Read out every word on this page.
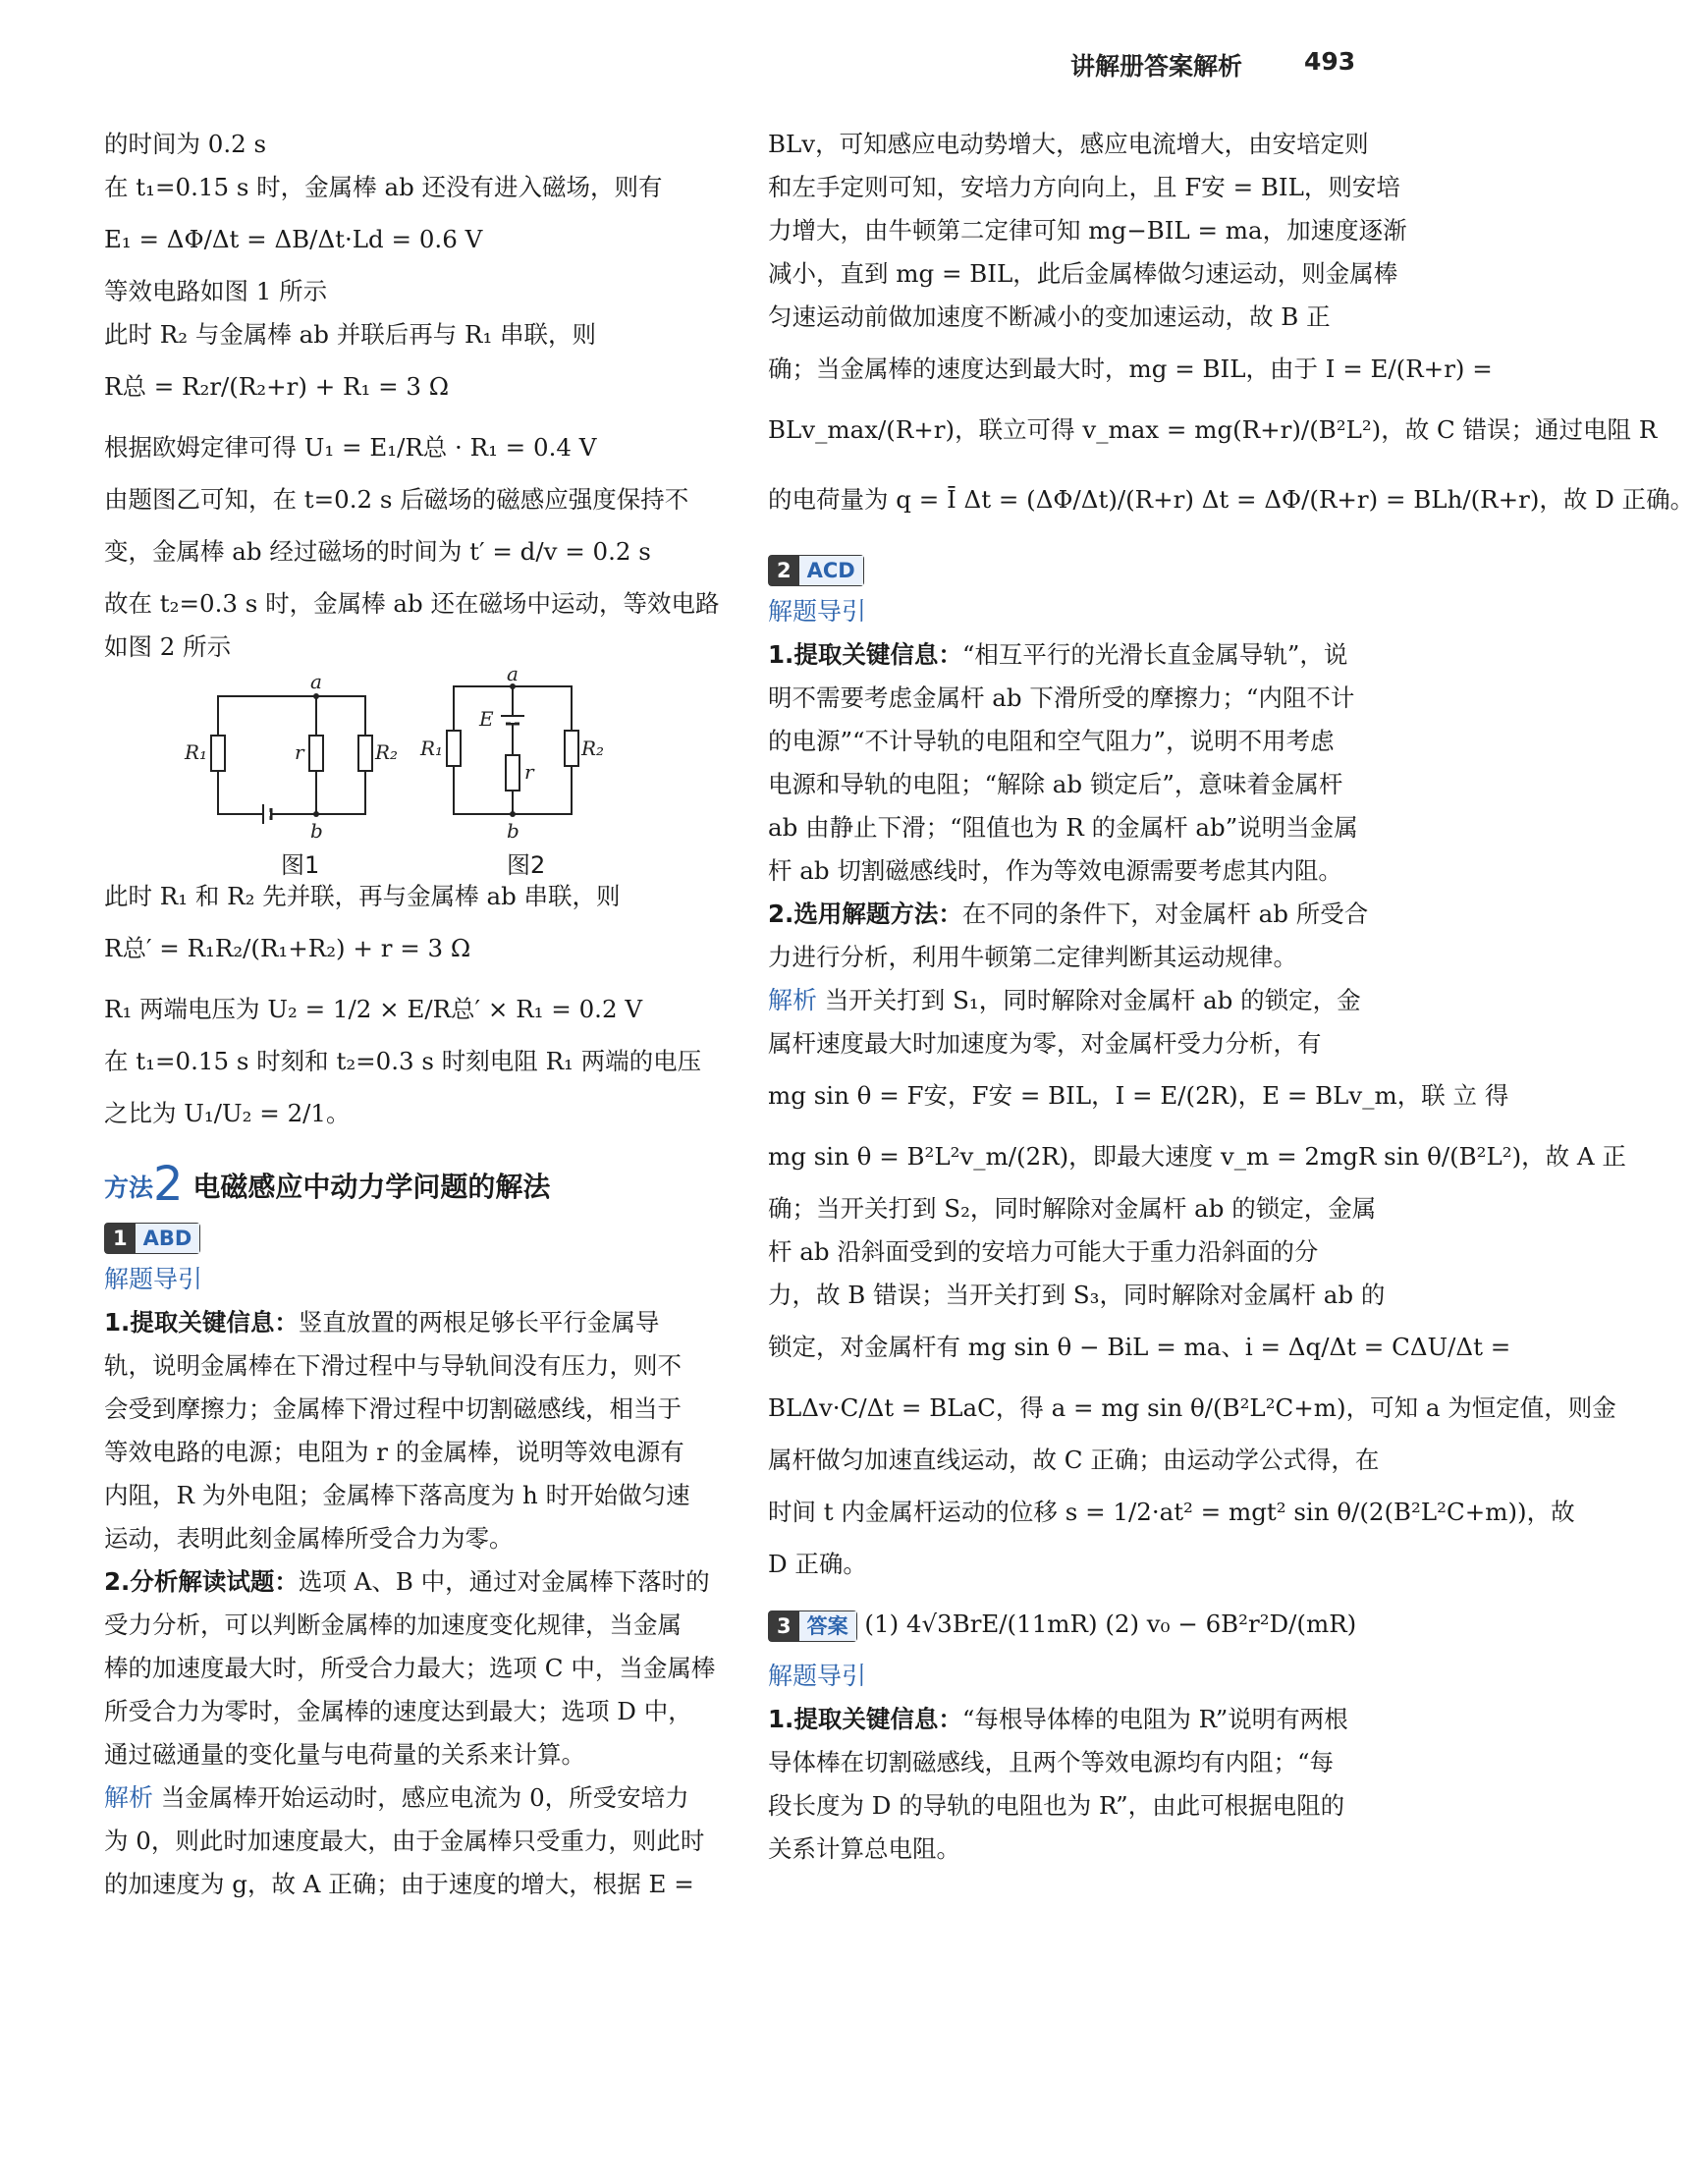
讲解册答案解析	493
的时间为 0.2 s
在 t₁=0.15 s 时，金属棒 ab 还没有进入磁场，则有
E₁ = ΔΦ/Δt = ΔB/Δt·Ld = 0.6 V
等效电路如图 1 所示
此时 R₂ 与金属棒 ab 并联后再与 R₁ 串联，则
R总 = R₂r/(R₂+r) + R₁ = 3 Ω
根据欧姆定律可得 U₁ = E₁/R总 · R₁ = 0.4 V
由题图乙可知，在 t=0.2 s 后磁场的磁感应强度保持不
变，金属棒 ab 经过磁场的时间为 t′ = d/v = 0.2 s
故在 t₂=0.3 s 时，金属棒 ab 还在磁场中运动，等效电路
如图 2 所示
a
b
R₁	r	R₂
a
b
E
R₁
r
R₂
图1	图2
此时 R₁ 和 R₂ 先并联，再与金属棒 ab 串联，则
R总′ = R₁R₂/(R₁+R₂) + r = 3 Ω
R₁ 两端电压为 U₂ = 1/2 × E/R总′ × R₁ = 0.2 V
在 t₁=0.15 s 时刻和 t₂=0.3 s 时刻电阻 R₁ 两端的电压
之比为 U₁/U₂ = 2/1。
方法2 电磁感应中动力学问题的解法
1 ABD
解题导引
1.提取关键信息：竖直放置的两根足够长平行金属导
轨，说明金属棒在下滑过程中与导轨间没有压力，则不
会受到摩擦力；金属棒下滑过程中切割磁感线，相当于
等效电路的电源；电阻为 r 的金属棒，说明等效电源有
内阻，R 为外电阻；金属棒下落高度为 h 时开始做匀速
运动，表明此刻金属棒所受合力为零。
2.分析解读试题：选项 A、B 中，通过对金属棒下落时的
受力分析，可以判断金属棒的加速度变化规律，当金属
棒的加速度最大时，所受合力最大；选项 C 中，当金属棒
所受合力为零时，金属棒的速度达到最大；选项 D 中，
通过磁通量的变化量与电荷量的关系来计算。
解析 当金属棒开始运动时，感应电流为 0，所受安培力
为 0，则此时加速度最大，由于金属棒只受重力，则此时
的加速度为 g，故 A 正确；由于速度的增大，根据 E =
BLv，可知感应电动势增大，感应电流增大，由安培定则
和左手定则可知，安培力方向向上，且 F安 = BIL，则安培
力增大，由牛顿第二定律可知 mg−BIL = ma，加速度逐渐
减小，直到 mg = BIL，此后金属棒做匀速运动，则金属棒
匀速运动前做加速度不断减小的变加速运动，故 B 正
确；当金属棒的速度达到最大时，mg = BIL，由于 I = E/(R+r) =
BLv_max/(R+r)，联立可得 v_max = mg(R+r)/(B²L²)，故 C 错误；通过电阻 R
的电荷量为 q = Ī Δt = (ΔΦ/Δt)/(R+r) Δt = ΔΦ/(R+r) = BLh/(R+r)，故 D 正确。
2 ACD
解题导引
1.提取关键信息：“相互平行的光滑长直金属导轨”，说
明不需要考虑金属杆 ab 下滑所受的摩擦力；“内阻不计
的电源”“不计导轨的电阻和空气阻力”，说明不用考虑
电源和导轨的电阻；“解除 ab 锁定后”，意味着金属杆
ab 由静止下滑；“阻值也为 R 的金属杆 ab”说明当金属
杆 ab 切割磁感线时，作为等效电源需要考虑其内阻。
2.选用解题方法：在不同的条件下，对金属杆 ab 所受合
力进行分析，利用牛顿第二定律判断其运动规律。
解析 当开关打到 S₁，同时解除对金属杆 ab 的锁定，金
属杆速度最大时加速度为零，对金属杆受力分析，有
mg sin θ = F安，F安 = BIL，I = E/(2R)，E = BLv_m，联 立 得
mg sin θ = B²L²v_m/(2R)，即最大速度 v_m = 2mgR sin θ/(B²L²)，故 A 正
确；当开关打到 S₂，同时解除对金属杆 ab 的锁定，金属
杆 ab 沿斜面受到的安培力可能大于重力沿斜面的分
力，故 B 错误；当开关打到 S₃，同时解除对金属杆 ab 的
锁定，对金属杆有 mg sin θ − BiL = ma、i = Δq/Δt = CΔU/Δt =
BLΔv·C/Δt = BLaC，得 a = mg sin θ/(B²L²C+m)，可知 a 为恒定值，则金
属杆做匀加速直线运动，故 C 正确；由运动学公式得，在
时间 t 内金属杆运动的位移 s = 1/2·at² = mgt² sin θ/(2(B²L²C+m))，故
D 正确。
3 答案 (1) 4√3BrE/(11mR) (2) v₀ − 6B²r²D/(mR)
解题导引
1.提取关键信息：“每根导体棒的电阻为 R”说明有两根
导体棒在切割磁感线，且两个等效电源均有内阻；“每
段长度为 D 的导轨的电阻也为 R”，由此可根据电阻的
关系计算总电阻。
